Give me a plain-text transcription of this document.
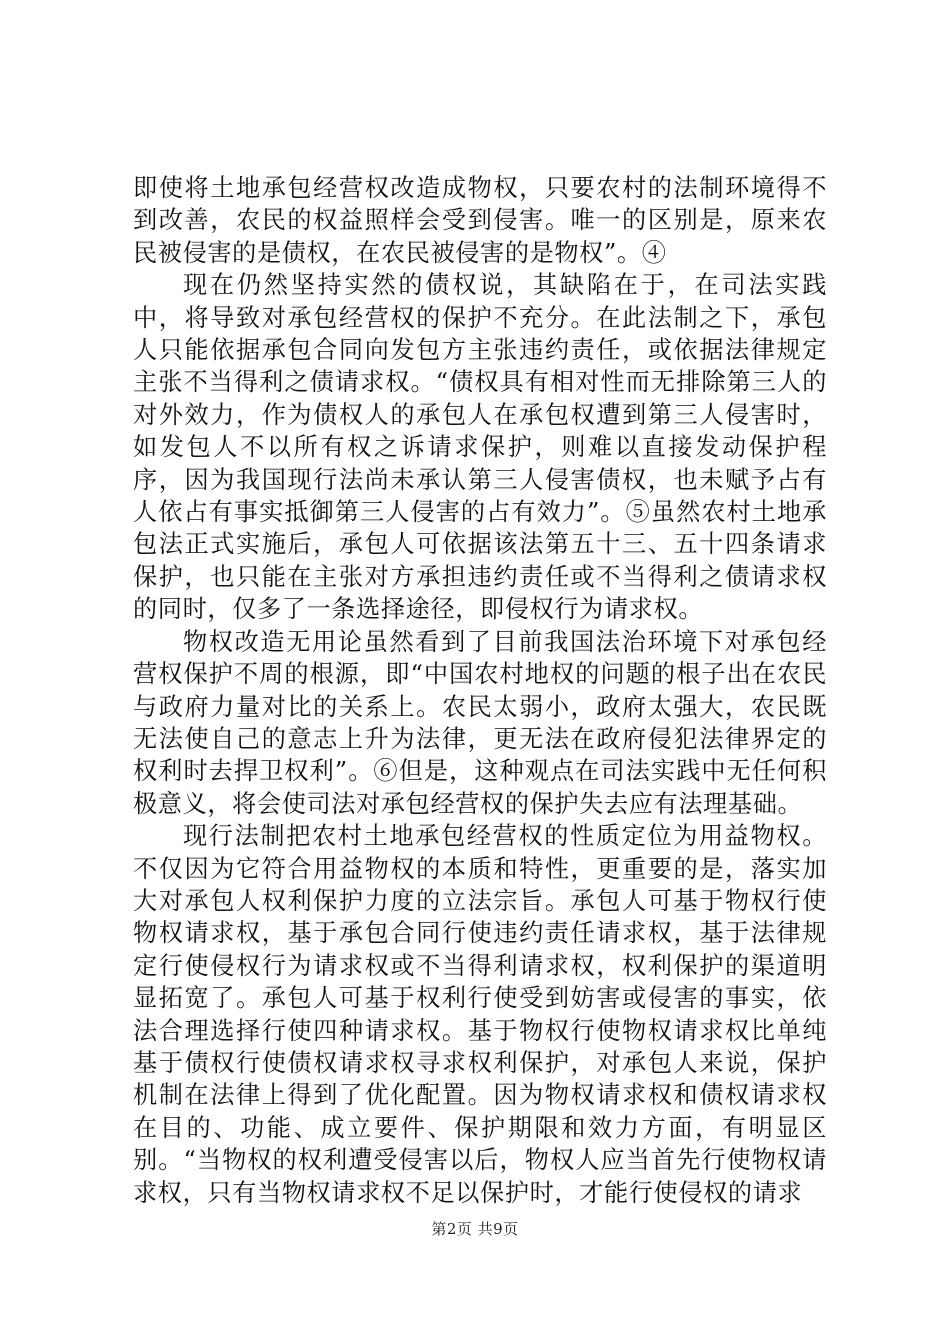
即使将土地承包经营权改造成物权，只要农村的法制环境得不到改善，农民的权益照样会受到侵害。唯一的区别是，原来农民被侵害的是债权，在农民被侵害的是物权”。④

现在仍然坚持实然的债权说，其缺陷在于，在司法实践中，将导致对承包经营权的保护不充分。在此法制之下，承包人只能依据承包合同向发包方主张违约责任，或依据法律规定主张不当得利之债请求权。“债权具有相对性而无排除第三人的对外效力，作为债权人的承包人在承包权遭到第三人侵害时，如发包人不以所有权之诉请求保护，则难以直接发动保护程序，因为我国现行法尚未承认第三人侵害债权，也未赋予占有人依占有事实抵御第三人侵害的占有效力”。⑤虽然农村土地承包法正式实施后，承包人可依据该法第五十三、五十四条请求保护，也只能在主张对方承担违约责任或不当得利之债请求权的同时，仅多了一条选择途径，即侵权行为请求权。

物权改造无用论虽然看到了目前我国法治环境下对承包经营权保护不周的根源，即“中国农村地权的问题的根子出在农民与政府力量对比的关系上。农民太弱小，政府太强大，农民既无法使自己的意志上升为法律，更无法在政府侵犯法律界定的权利时去捍卫权利”。⑥但是，这种观点在司法实践中无任何积极意义，将会使司法对承包经营权的保护失去应有法理基础。

现行法制把农村土地承包经营权的性质定位为用益物权。不仅因为它符合用益物权的本质和特性，更重要的是，落实加大对承包人权利保护力度的立法宗旨。承包人可基于物权行使物权请求权，基于承包合同行使违约责任请求权，基于法律规定行使侵权行为请求权或不当得利请求权，权利保护的渠道明显拓宽了。承包人可基于权利行使受到妨害或侵害的事实，依法合理选择行使四种请求权。基于物权行使物权请求权比单纯基于债权行使债权请求权寻求权利保护，对承包人来说，保护机制在法律上得到了优化配置。因为物权请求权和债权请求权在目的、功能、成立要件、保护期限和效力方面，有明显区别。“当物权的权利遭受侵害以后，物权人应当首先行使物权请求权，只有当物权请求权不足以保护时，才能行使侵权的请求

第2页 共9页
